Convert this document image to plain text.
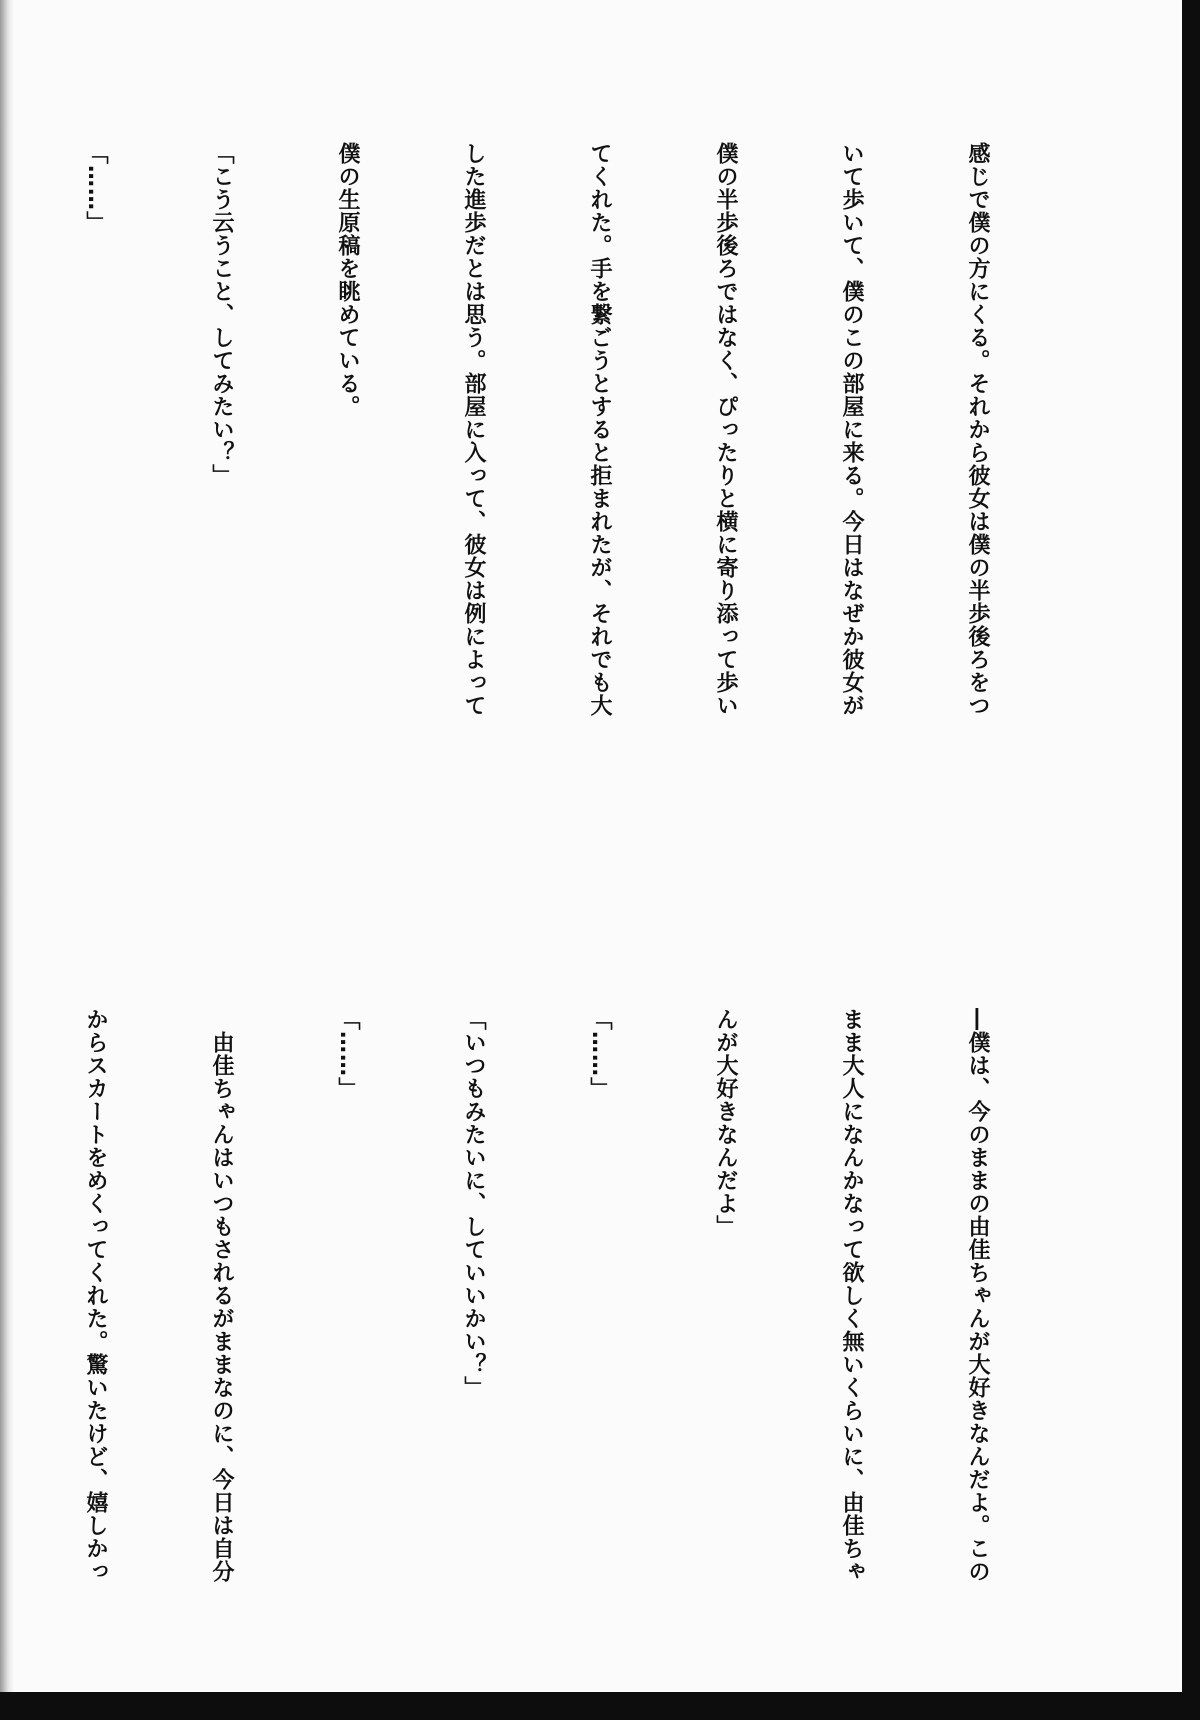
感じで僕の方にくる。それから彼女は僕の半歩後ろをつ

いて歩いて、僕のこの部屋に来る。今日はなぜか彼女が

僕の半歩後ろではなく、ぴったりと横に寄り添って歩い

てくれた。手を繋ごうとすると拒まれたが、それでも大

した進歩だとは思う。部屋に入って、彼女は例によって

僕の生原稿を眺めている。

「こう云うこと、してみたい？」

「……」

―僕は、今のままの由佳ちゃんが大好きなんだよ。この

まま大人になんかなって欲しく無いくらいに、由佳ちゃ

んが大好きなんだよ」

「……」

「いつもみたいに、していいかい？」

「……」

　由佳ちゃんはいつもされるがままなのに、今日は自分

からスカートをめくってくれた。驚いたけど、嬉しかっ
